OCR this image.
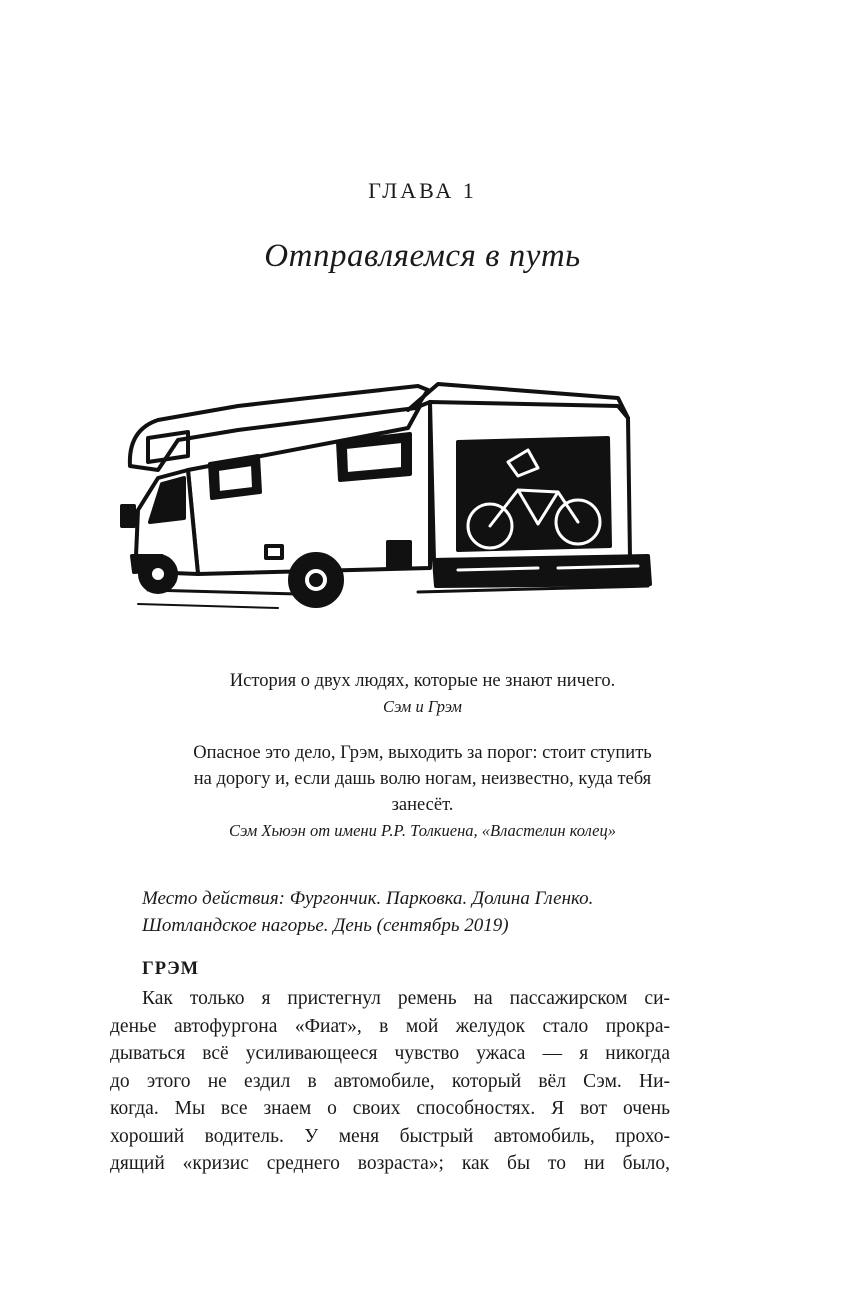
ГЛАВА 1
Отправляемся в путь
История о двух людях, которые не знают ничего.
Сэм и Грэм
Опасное это дело, Грэм, выходить за порог: стоит ступить
на дорогу и, если дашь волю ногам, неизвестно, куда тебя
занесёт.
Сэм Хьюэн от имени Р.Р. Толкиена, «Властелин колец»
Место действия: Фургончик. Парковка. Долина Гленко.
Шотландское нагорье. День (сентябрь 2019)
ГРЭМ
Как только я пристегнул ремень на пассажирском си-
денье автофургона «Фиат», в мой желудок стало прокра-
дываться всё усиливающееся чувство ужаса — я никогда
до этого не ездил в автомобиле, который вёл Сэм. Ни-
когда. Мы все знаем о своих способностях. Я вот очень
хороший водитель. У меня быстрый автомобиль, прохо-
дящий «кризис среднего возраста»; как бы то ни было,
